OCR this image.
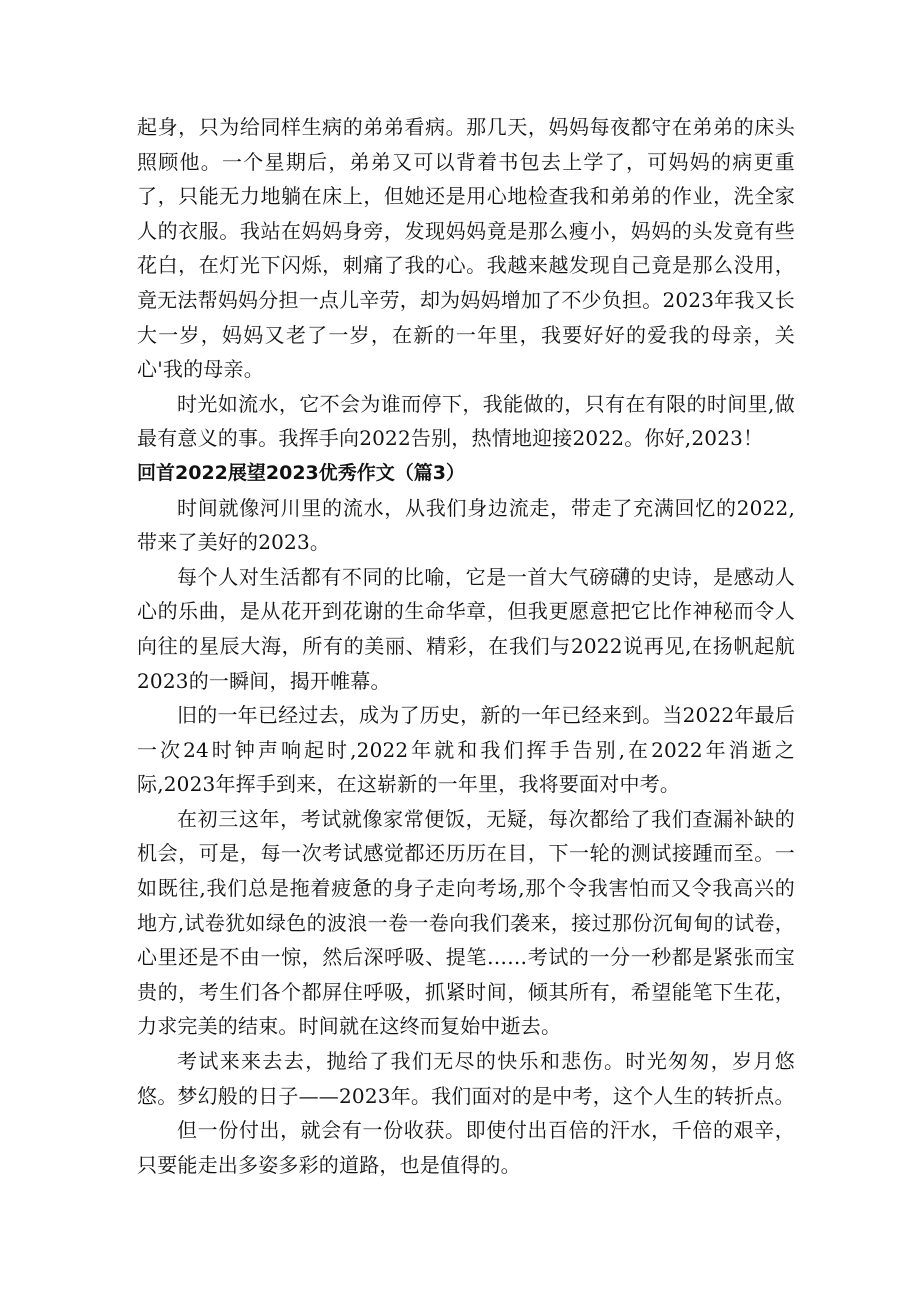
起身，只为给同样生病的弟弟看病。那几天，妈妈每夜都守在弟弟的床头照顾他。一个星期后，弟弟又可以背着书包去上学了，可妈妈的病更重了，只能无力地躺在床上，但她还是用心地检查我和弟弟的作业，洗全家人的衣服。我站在妈妈身旁，发现妈妈竟是那么瘦小，妈妈的头发竟有些花白，在灯光下闪烁，刺痛了我的心。我越来越发现自己竟是那么没用，竟无法帮妈妈分担一点儿辛劳，却为妈妈增加了不少负担。2023年我又长大一岁，妈妈又老了一岁，在新的一年里，我要好好的爱我的母亲，关心'我的母亲。

时光如流水，它不会为谁而停下，我能做的，只有在有限的时间里,做最有意义的事。我挥手向2022告别，热情地迎接2022。你好,2023！

回首2022展望2023优秀作文（篇3）

时间就像河川里的流水，从我们身边流走，带走了充满回忆的2022,带来了美好的2023。

每个人对生活都有不同的比喻，它是一首大气磅礴的史诗，是感动人心的乐曲，是从花开到花谢的生命华章，但我更愿意把它比作神秘而令人向往的星辰大海，所有的美丽、精彩，在我们与2022说再见,在扬帆起航2023的一瞬间，揭开帷幕。

旧的一年已经过去，成为了历史，新的一年已经来到。当2022年最后一次24时钟声响起时,2022年就和我们挥手告别,在2022年消逝之际,2023年挥手到来，在这崭新的一年里，我将要面对中考。

在初三这年，考试就像家常便饭，无疑，每次都给了我们查漏补缺的机会，可是，每一次考试感觉都还历历在目，下一轮的测试接踵而至。一如既往,我们总是拖着疲惫的身子走向考场,那个令我害怕而又令我高兴的地方,试卷犹如绿色的波浪一卷一卷向我们袭来，接过那份沉甸甸的试卷，心里还是不由一惊，然后深呼吸、提笔……考试的一分一秒都是紧张而宝贵的，考生们各个都屏住呼吸，抓紧时间，倾其所有，希望能笔下生花，力求完美的结束。时间就在这终而复始中逝去。

考试来来去去，抛给了我们无尽的快乐和悲伤。时光匆匆，岁月悠悠。梦幻般的日子——2023年。我们面对的是中考，这个人生的转折点。

但一份付出，就会有一份收获。即使付出百倍的汗水，千倍的艰辛，只要能走出多姿多彩的道路，也是值得的。
